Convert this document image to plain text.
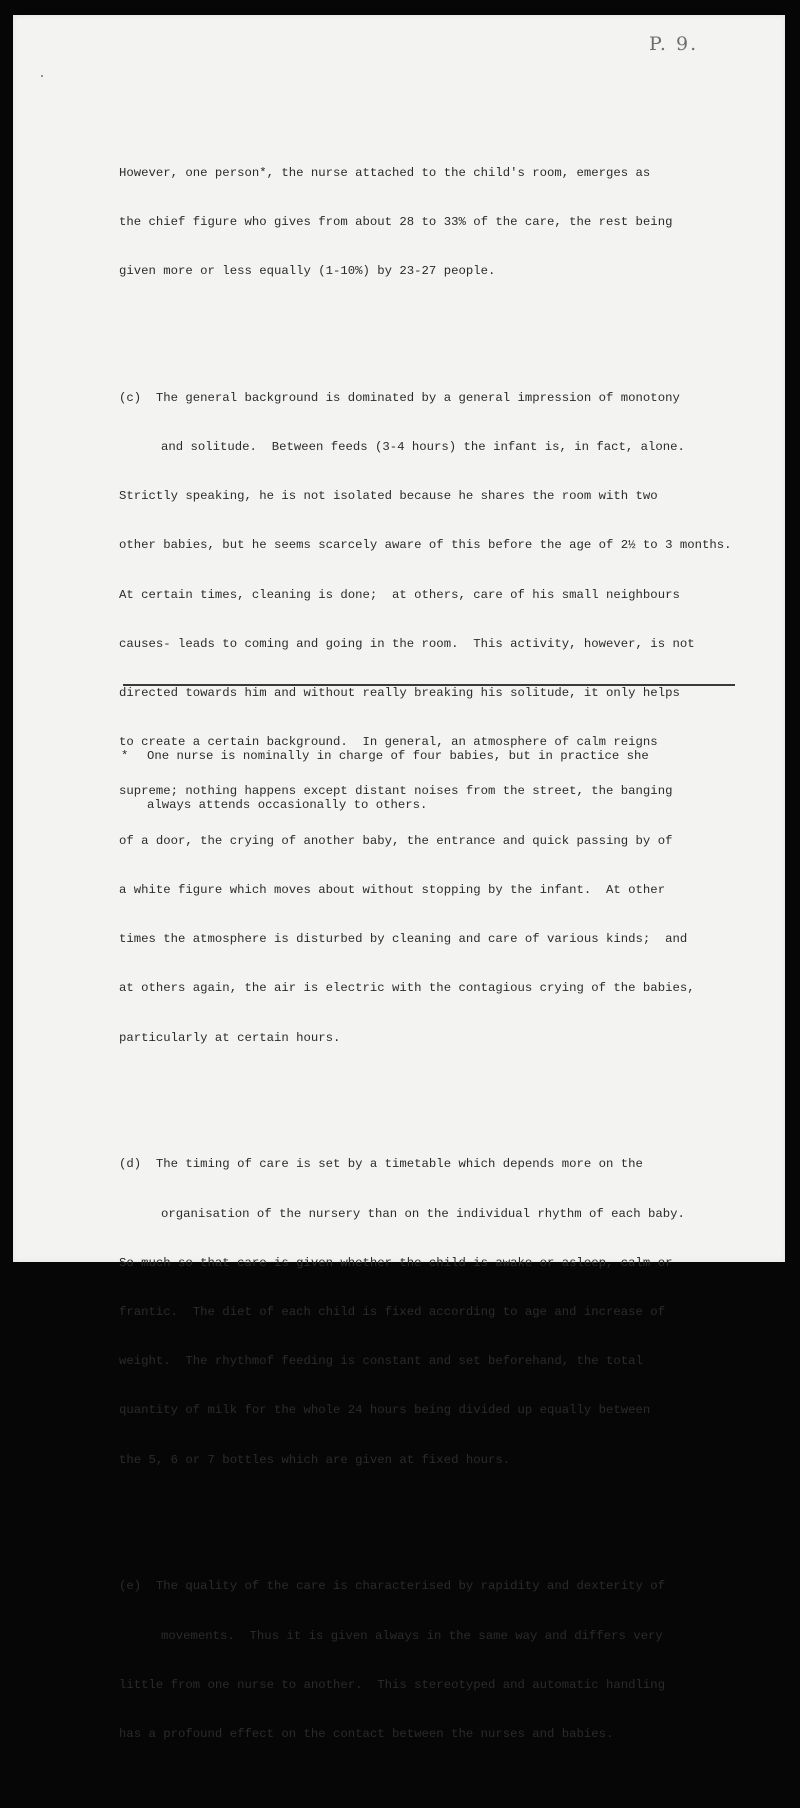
P. 9.

However, one person*, the nurse attached to the child's room, emerges as

the chief figure who gives from about 28 to 33% of the care, the rest being

given more or less equally (1-10%) by 23-27 people.

(c)  The general background is dominated by a general impression of monotony

and solitude.  Between feeds (3-4 hours) the infant is, in fact, alone.

Strictly speaking, he is not isolated because he shares the room with two

other babies, but he seems scarcely aware of this before the age of 2½ to 3 months.

At certain times, cleaning is done;  at others, care of his small neighbours

causes- leads to coming and going in the room.  This activity, however, is not

directed towards him and without really breaking his solitude, it only helps

to create a certain background.  In general, an atmosphere of calm reigns

supreme; nothing happens except distant noises from the street, the banging

of a door, the crying of another baby, the entrance and quick passing by of

a white figure which moves about without stopping by the infant.  At other

times the atmosphere is disturbed by cleaning and care of various kinds;  and

at others again, the air is electric with the contagious crying of the babies,

particularly at certain hours.

(d)  The timing of care is set by a timetable which depends more on the

organisation of the nursery than on the individual rhythm of each baby.

So much so that care is given whether the child is awake or asleep, calm or

frantic.  The diet of each child is fixed according to age and increase of

weight.  The rhythmof feeding is constant and set beforehand, the total

quantity of milk for the whole 24 hours being divided up equally between

the 5, 6 or 7 bottles which are given at fixed hours.

(e)  The quality of the care is characterised by rapidity and dexterity of

movements.  Thus it is given always in the same way and differs very

little from one nurse to another.  This stereotyped and automatic handling

has a profound effect on the contact between the nurses and babies.

* One nurse is nominally in charge of four babies, but in practice she

always attends occasionally to others.
